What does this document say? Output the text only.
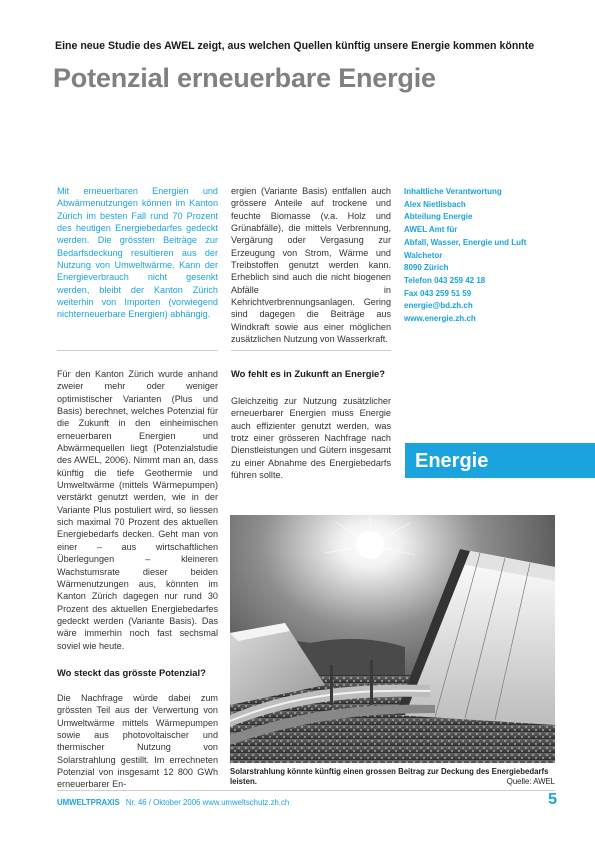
Eine neue Studie des AWEL zeigt, aus welchen Quellen künftig unsere Energie kommen könnte
Potenzial erneuerbare Energie
Mit erneuerbaren Energien und Abwärmenutzungen können im Kanton Zürich im besten Fall rund 70 Prozent des heutigen Energiebedarfes gedeckt werden. Die grössten Beiträge zur Bedarfsdeckung resultieren aus der Nutzung von Umweltwärme. Kann der Energieverbrauch nicht gesenkt werden, bleibt der Kanton Zürich weiterhin von Importen (vorwiegend nichterneuerbare Energien) abhängig.
ergien (Variante Basis) entfallen auch grössere Anteile auf trockene und feuchte Biomasse (v.a. Holz und Grünabfälle), die mittels Verbrennung, Vergärung oder Vergasung zur Erzeugung von Strom, Wärme und Treibstoffen genutzt werden kann. Erheblich sind auch die nicht biogenen Abfälle in Kehrichtverbrennungsanlagen. Gering sind dagegen die Beiträge aus Windkraft sowie aus einer möglichen zusätzlichen Nutzung von Wasserkraft.
Inhaltliche Verantwortung
Alex Nietlisbach
Abteilung Energie
AWEL Amt für
Abfall, Wasser, Energie und Luft
Walchetor
8090 Zürich
Telefon 043 259 42 18
Fax 043 259 51 59
energie@bd.zh.ch
www.energie.zh.ch
Für den Kanton Zürich wurde anhand zweier mehr oder weniger optimistischer Varianten (Plus und Basis) berechnet, welches Potenzial für die Zukunft in den einheimischen erneuerbaren Energien und Abwärmequellen liegt (Potenzialstudie des AWEL, 2006). Nimmt man an, dass künftig die tiefe Geothermie und Umweltwärme (mittels Wärmepumpen) verstärkt genutzt werden, wie in der Variante Plus postuliert wird, so liessen sich maximal 70 Prozent des aktuellen Energiebedarfs decken. Geht man von einer – aus wirtschaftlichen Überlegungen – kleineren Wachstumsrate dieser beiden Wärmenutzungen aus, könnten im Kanton Zürich dagegen nur rund 30 Prozent des aktuellen Energiebedarfes gedeckt werden (Variante Basis). Das wäre immerhin noch fast sechsmal soviel wie heute.
Wo steckt das grösste Potenzial?
Die Nachfrage würde dabei zum grössten Teil aus der Verwertung von Umweltwärme mittels Wärmepumpen sowie aus photovoltaischer und thermischer Nutzung von Solarstrahlung gestillt. Im errechneten Potenzial von insgesamt 12 800 GWh erneuerbarer En-
Wo fehlt es in Zukunft an Energie?
Gleichzeitig zur Nutzung zusätzlicher erneuerbarer Energien muss Energie auch effizienter genutzt werden, was trotz einer grösseren Nachfrage nach Dienstleistungen und Gütern insgesamt zu einer Abnahme des Energiebedarfs führen sollte.
Energie
Solarstrahlung könnte künftig einen grossen Beitrag zur Deckung des Energiebedarfs leisten.	Quelle: AWEL
UMWELTPRAXIS Nr. 46 / Oktober 2006 www.umweltschutz.zh.ch	5
